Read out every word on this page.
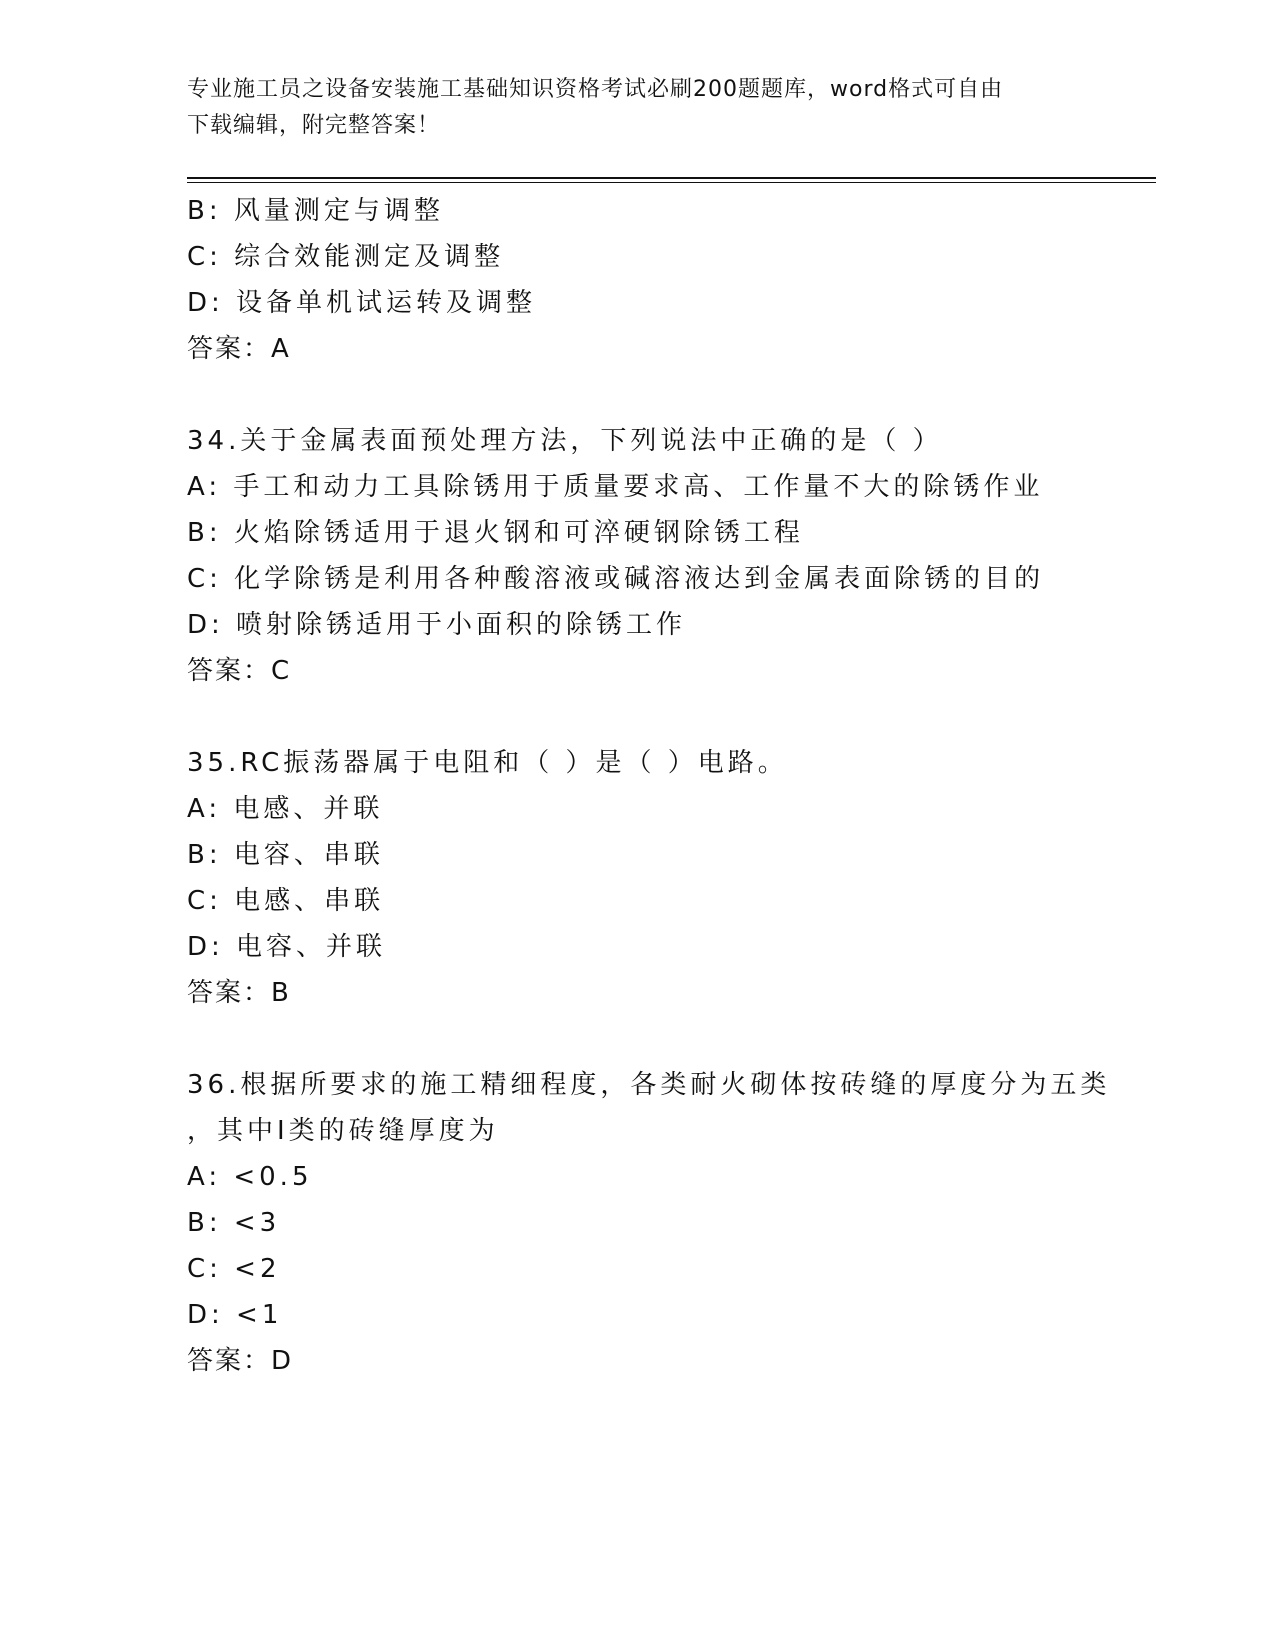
专业施工员之设备安装施工基础知识资格考试必刷200题题库，word格式可自由
下载编辑，附完整答案！
B: 风量测定与调整
C: 综合效能测定及调整
D: 设备单机试运转及调整
答案：A
34.关于金属表面预处理方法，下列说法中正确的是（ ）
A: 手工和动力工具除锈用于质量要求高、工作量不大的除锈作业
B: 火焰除锈适用于退火钢和可淬硬钢除锈工程
C: 化学除锈是利用各种酸溶液或碱溶液达到金属表面除锈的目的
D: 喷射除锈适用于小面积的除锈工作
答案：C
35.RC振荡器属于电阻和（ ）是（ ）电路。
A: 电感、并联
B: 电容、串联
C: 电感、串联
D: 电容、并联
答案：B
36.根据所要求的施工精细程度，各类耐火砌体按砖缝的厚度分为五类
，其中Ⅰ类的砖缝厚度为
A: <0.5
B: <3
C: <2
D: <1
答案：D
